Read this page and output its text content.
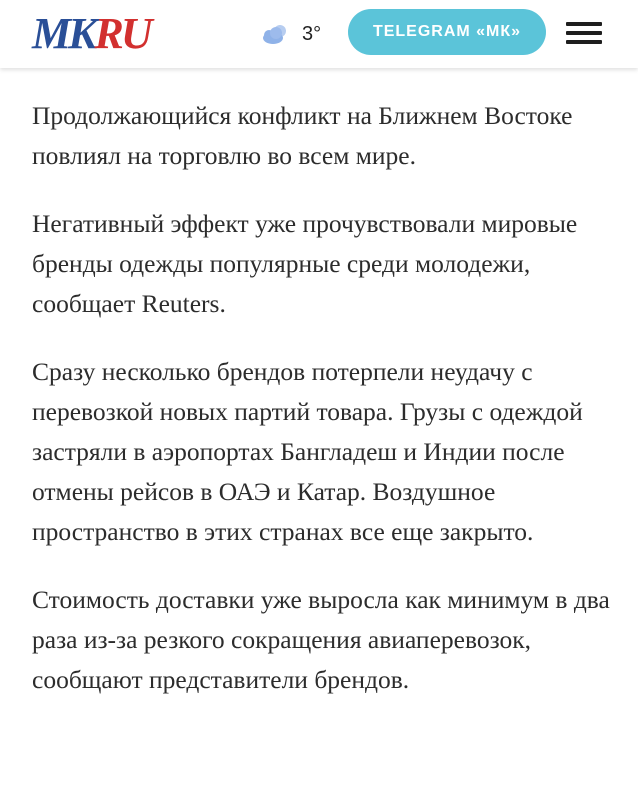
MK RU	3°	TELEGRAM «МК»

Продолжающийся конфликт на Ближнем Востоке повлиял на торговлю во всем мире.

Негативный эффект уже прочувствовали мировые бренды одежды популярные среди молодежи, сообщает Reuters.

Сразу несколько брендов потерпели неудачу с перевозкой новых партий товара. Грузы с одеждой застряли в аэропортах Бангладеш и Индии после отмены рейсов в ОАЭ и Катар. Воздушное пространство в этих странах все еще закрыто.

Стоимость доставки уже выросла как минимум в два раза из-за резкого сокращения авиаперевозок, сообщают представители брендов.
